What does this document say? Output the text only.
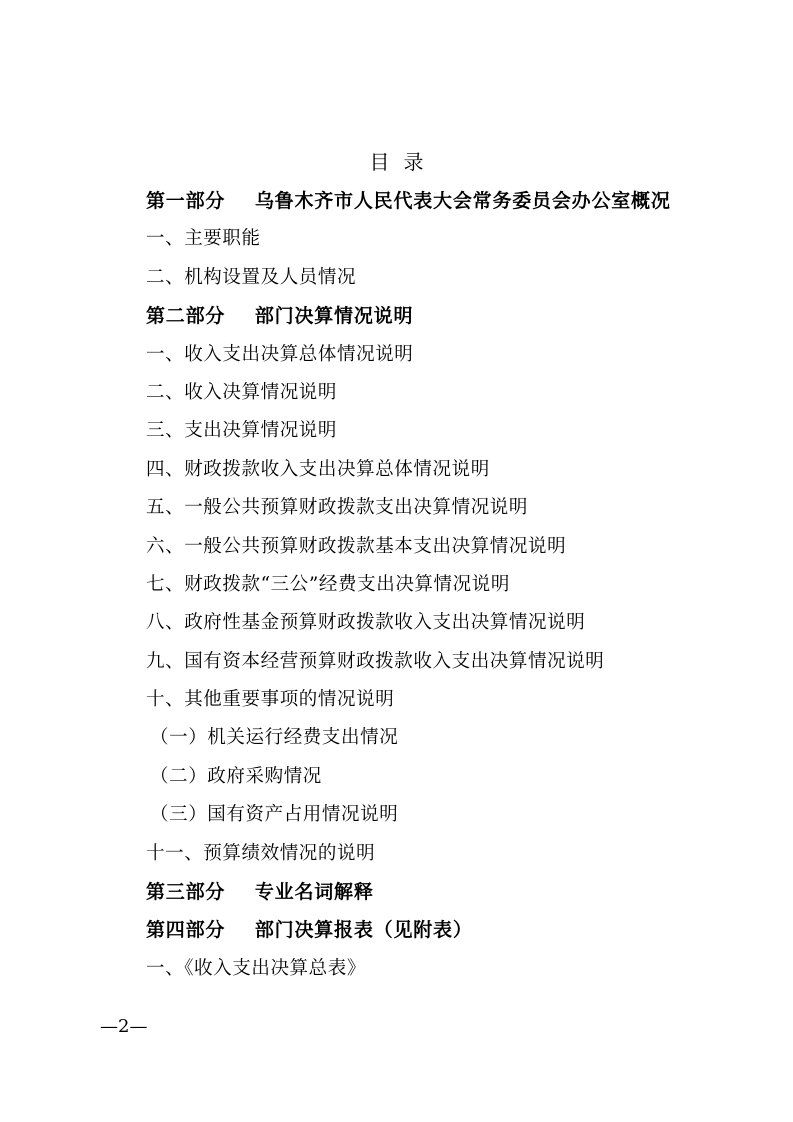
目录
第一部分    乌鲁木齐市人民代表大会常务委员会办公室概况
一、主要职能
二、机构设置及人员情况
第二部分    部门决算情况说明
一、收入支出决算总体情况说明
二、收入决算情况说明
三、支出决算情况说明
四、财政拨款收入支出决算总体情况说明
五、一般公共预算财政拨款支出决算情况说明
六、一般公共预算财政拨款基本支出决算情况说明
七、财政拨款“三公”经费支出决算情况说明
八、政府性基金预算财政拨款收入支出决算情况说明
九、国有资本经营预算财政拨款收入支出决算情况说明
十、其他重要事项的情况说明
（一）机关运行经费支出情况
（二）政府采购情况
（三）国有资产占用情况说明
十一、预算绩效情况的说明
第三部分    专业名词解释
第四部分    部门决算报表（见附表）
一、《收入支出决算总表》
—2—
